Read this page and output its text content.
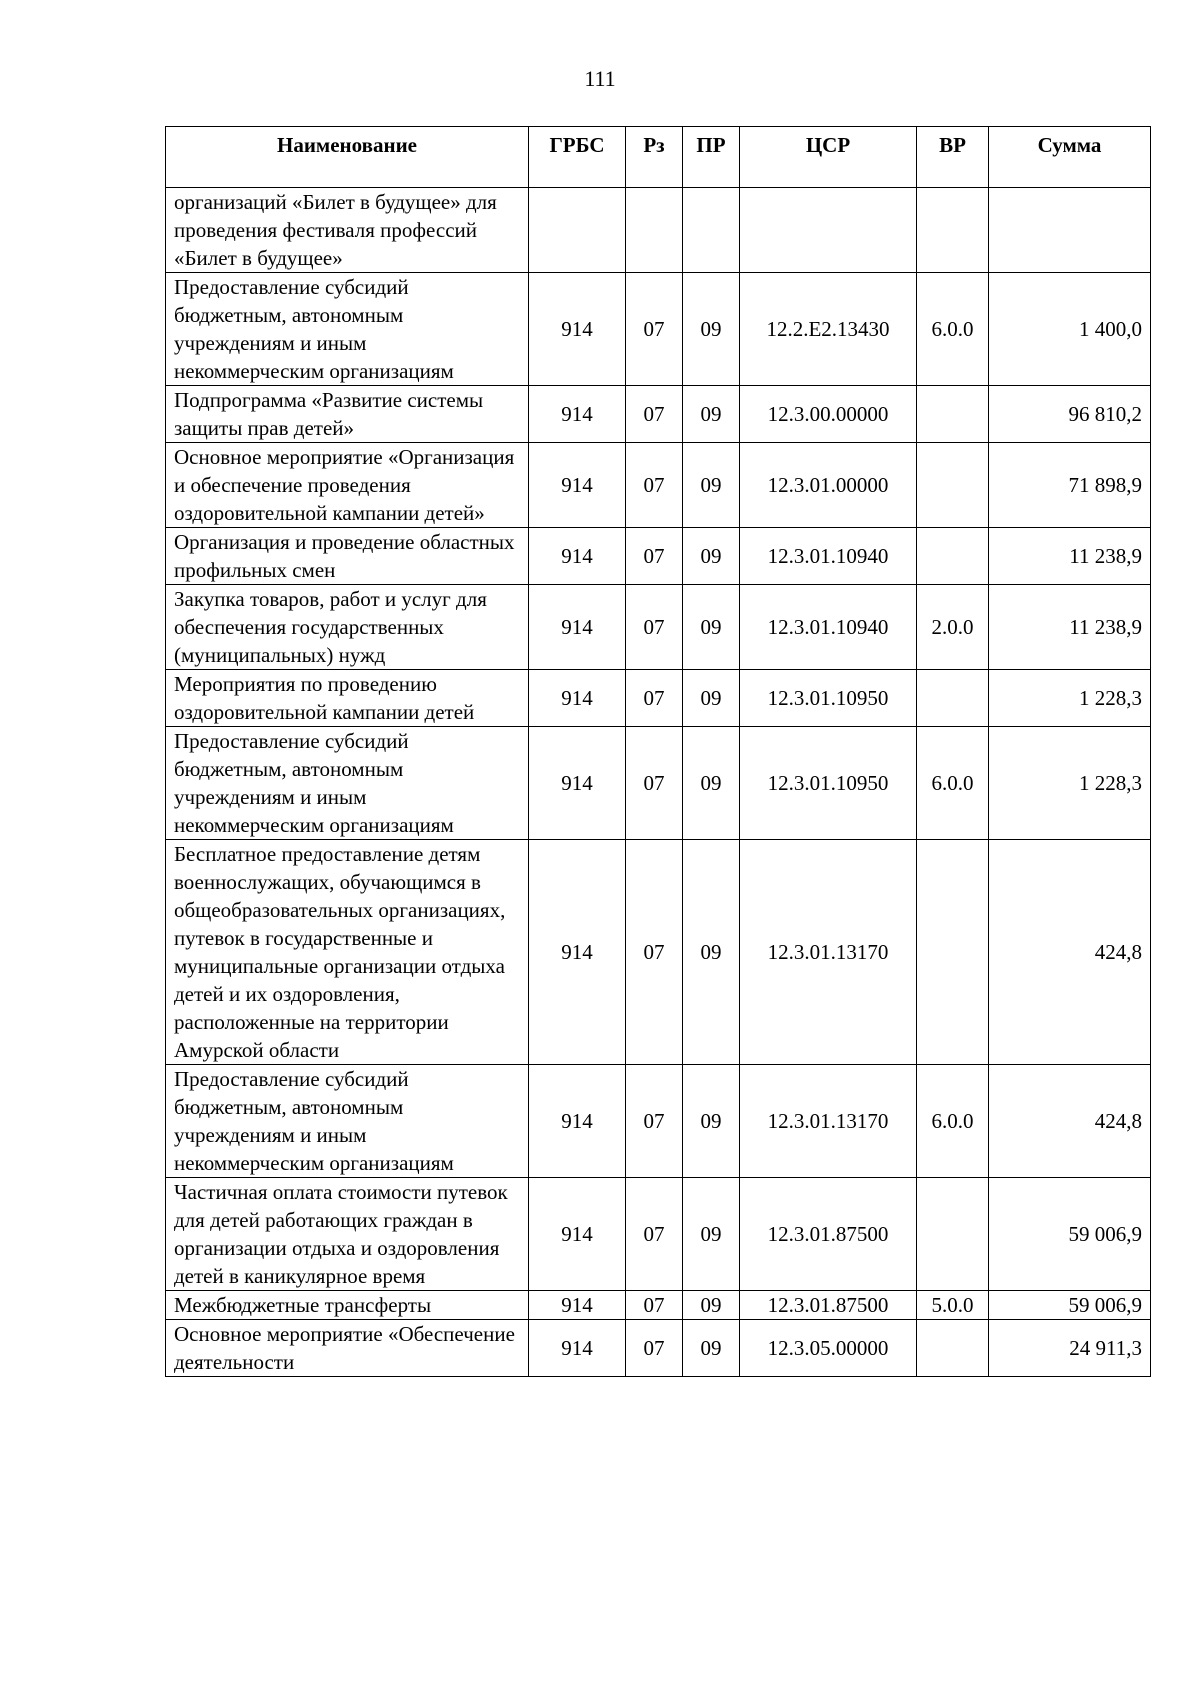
111
Наименование	ГРБС	Рз	ПР	ЦСР	ВР	Сумма
организаций «Билет в будущее» для проведения фестиваля профессий «Билет в будущее»						
Предоставление субсидий бюджетным, автономным учреждениям и иным некоммерческим организациям	914	07	09	12.2.E2.13430	6.0.0	1 400,0
Подпрограмма «Развитие системы защиты прав детей»	914	07	09	12.3.00.00000		96 810,2
Основное мероприятие «Организация и обеспечение проведения оздоровительной кампании детей»	914	07	09	12.3.01.00000		71 898,9
Организация и проведение областных профильных смен	914	07	09	12.3.01.10940		11 238,9
Закупка товаров, работ и услуг для обеспечения государственных (муниципальных) нужд	914	07	09	12.3.01.10940	2.0.0	11 238,9
Мероприятия по проведению оздоровительной кампании детей	914	07	09	12.3.01.10950		1 228,3
Предоставление субсидий бюджетным, автономным учреждениям и иным некоммерческим организациям	914	07	09	12.3.01.10950	6.0.0	1 228,3
Бесплатное предоставление детям военнослужащих, обучающимся в общеобразовательных организациях, путевок в государственные и муниципальные организации отдыха детей и их оздоровления, расположенные на территории Амурской области	914	07	09	12.3.01.13170		424,8
Предоставление субсидий бюджетным, автономным учреждениям и иным некоммерческим организациям	914	07	09	12.3.01.13170	6.0.0	424,8
Частичная оплата стоимости путевок для детей работающих граждан в организации отдыха и оздоровления детей в каникулярное время	914	07	09	12.3.01.87500		59 006,9
Межбюджетные трансферты	914	07	09	12.3.01.87500	5.0.0	59 006,9
Основное мероприятие «Обеспечение деятельности	914	07	09	12.3.05.00000		24 911,3
